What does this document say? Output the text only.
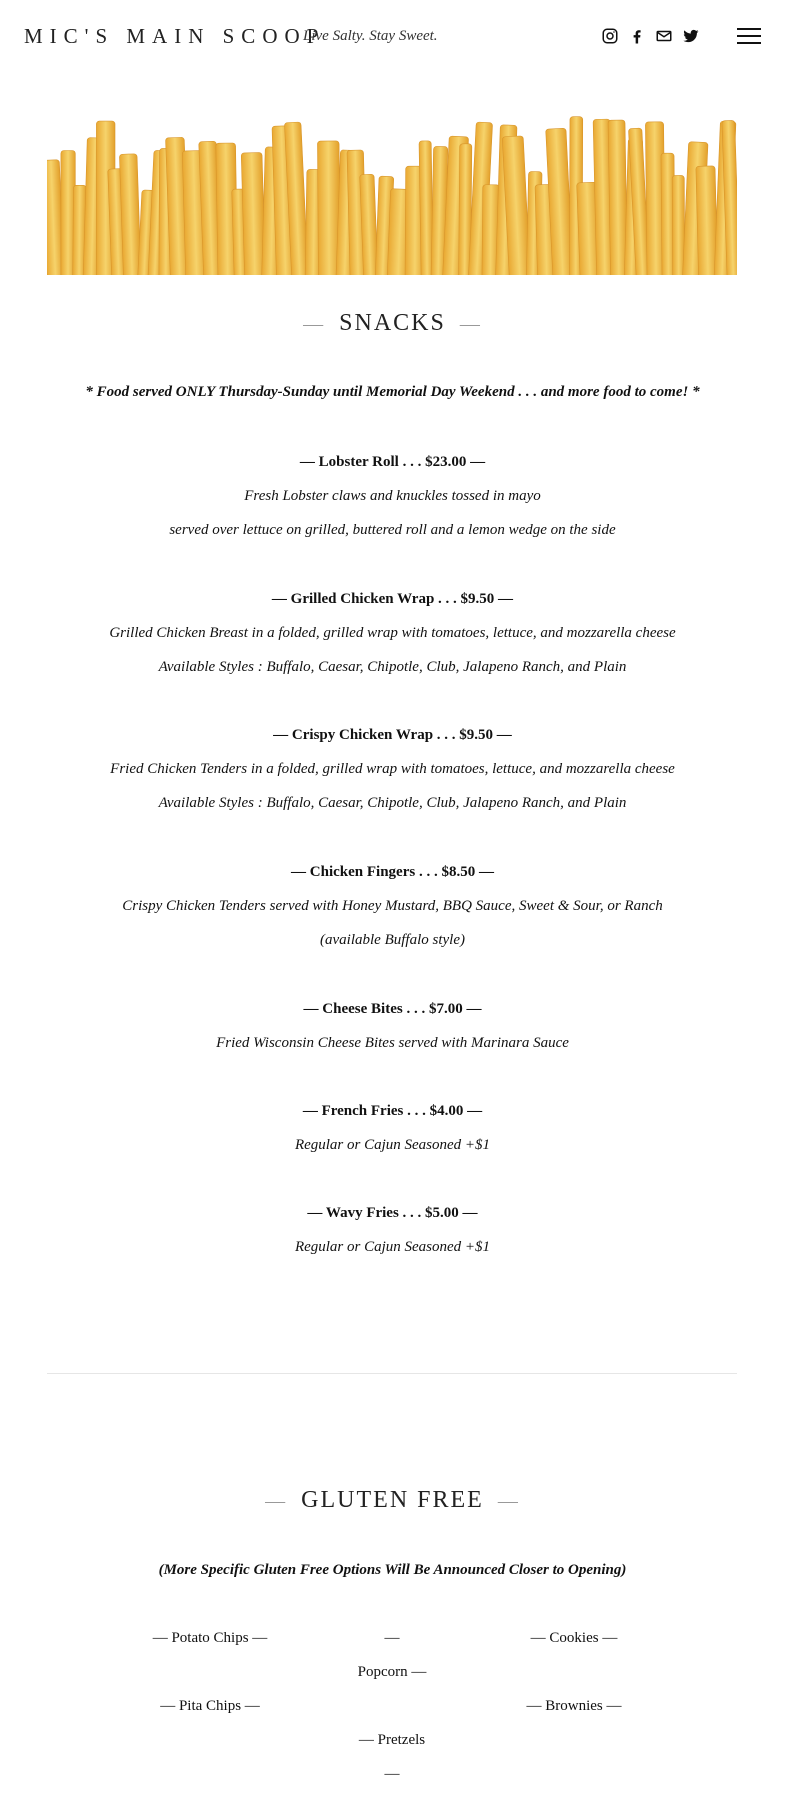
MIC'S MAIN SCOOP
Live Salty. Stay Sweet.
— SNACKS —
* Food served ONLY Thursday-Sunday until Memorial Day Weekend . . . and more food to come! *
— Lobster Roll . . . $23.00 —
Fresh Lobster claws and knuckles tossed in mayo
served over lettuce on grilled, buttered roll and a lemon wedge on the side
— Grilled Chicken Wrap . . . $9.50 —
Grilled Chicken Breast in a folded, grilled wrap with tomatoes, lettuce, and mozzarella cheese
Available Styles : Buffalo, Caesar, Chipotle, Club, Jalapeno Ranch, and Plain
— Crispy Chicken Wrap . . . $9.50 —
Fried Chicken Tenders in a folded, grilled wrap with tomatoes, lettuce, and mozzarella cheese
Available Styles : Buffalo, Caesar, Chipotle, Club, Jalapeno Ranch, and Plain
— Chicken Fingers . . . $8.50 —
Crispy Chicken Tenders served with Honey Mustard, BBQ Sauce, Sweet & Sour, or Ranch
(available Buffalo style)
— Cheese Bites . . . $7.00 —
Fried Wisconsin Cheese Bites served with Marinara Sauce
— French Fries . . . $4.00 —
Regular or Cajun Seasoned +$1
— Wavy Fries . . . $5.00 —
Regular or Cajun Seasoned +$1
— GLUTEN FREE —
(More Specific Gluten Free Options Will Be Announced Closer to Opening)
— Potato Chips —
— Pita Chips —
—
Popcorn —
— Pretzels
—
— Cookies —
— Brownies —
